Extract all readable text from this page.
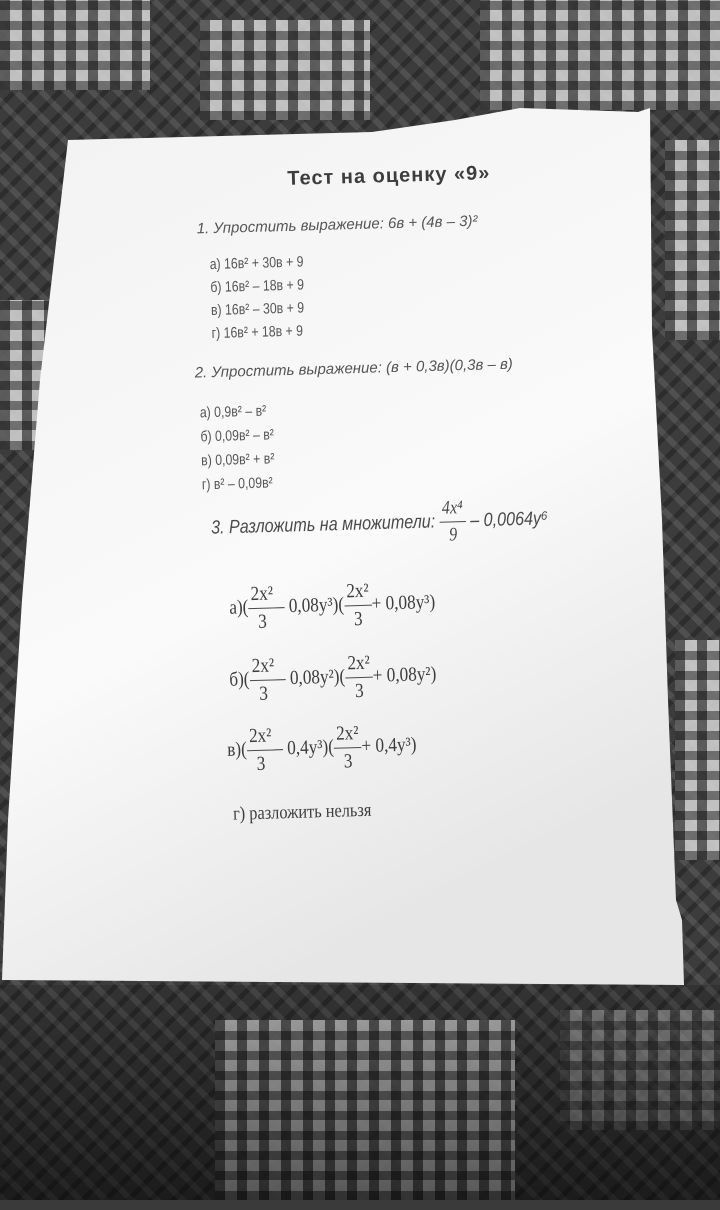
Тест на оценку «9»
1. Упростить выражение: 6в + (4в – 3)²
а) 16в² + 30в + 9
б) 16в² – 18в + 9
в) 16в² – 30в + 9
г) 16в² + 18в + 9
2. Упростить выражение: (в + 0,3в)(0,3в – в)
а) 0,9в² – в²
б) 0,09в² – в²
в) 0,09в² + в²
г) в² – 0,09в²
3. Разложить на множители: $\frac{\text{4x⁴}}{9} - 0,0064y^6$
$а)( \frac{\text{2x²}}{3}$
– $0,08y^3)( \frac{\text{2x²}}{3}$
+ 0,08y³)
$б)( \frac{\text{2x²}}{3}$
– $0,08y^2)( \frac{\text{2x²}}{3}$
+ 0,08y²)
$в)( \frac{\text{2x²}}{3}$
– $0,4y^3)( \frac{\text{2x²}}{3}$
+ 0,4y³)
г) разложить нельзя
